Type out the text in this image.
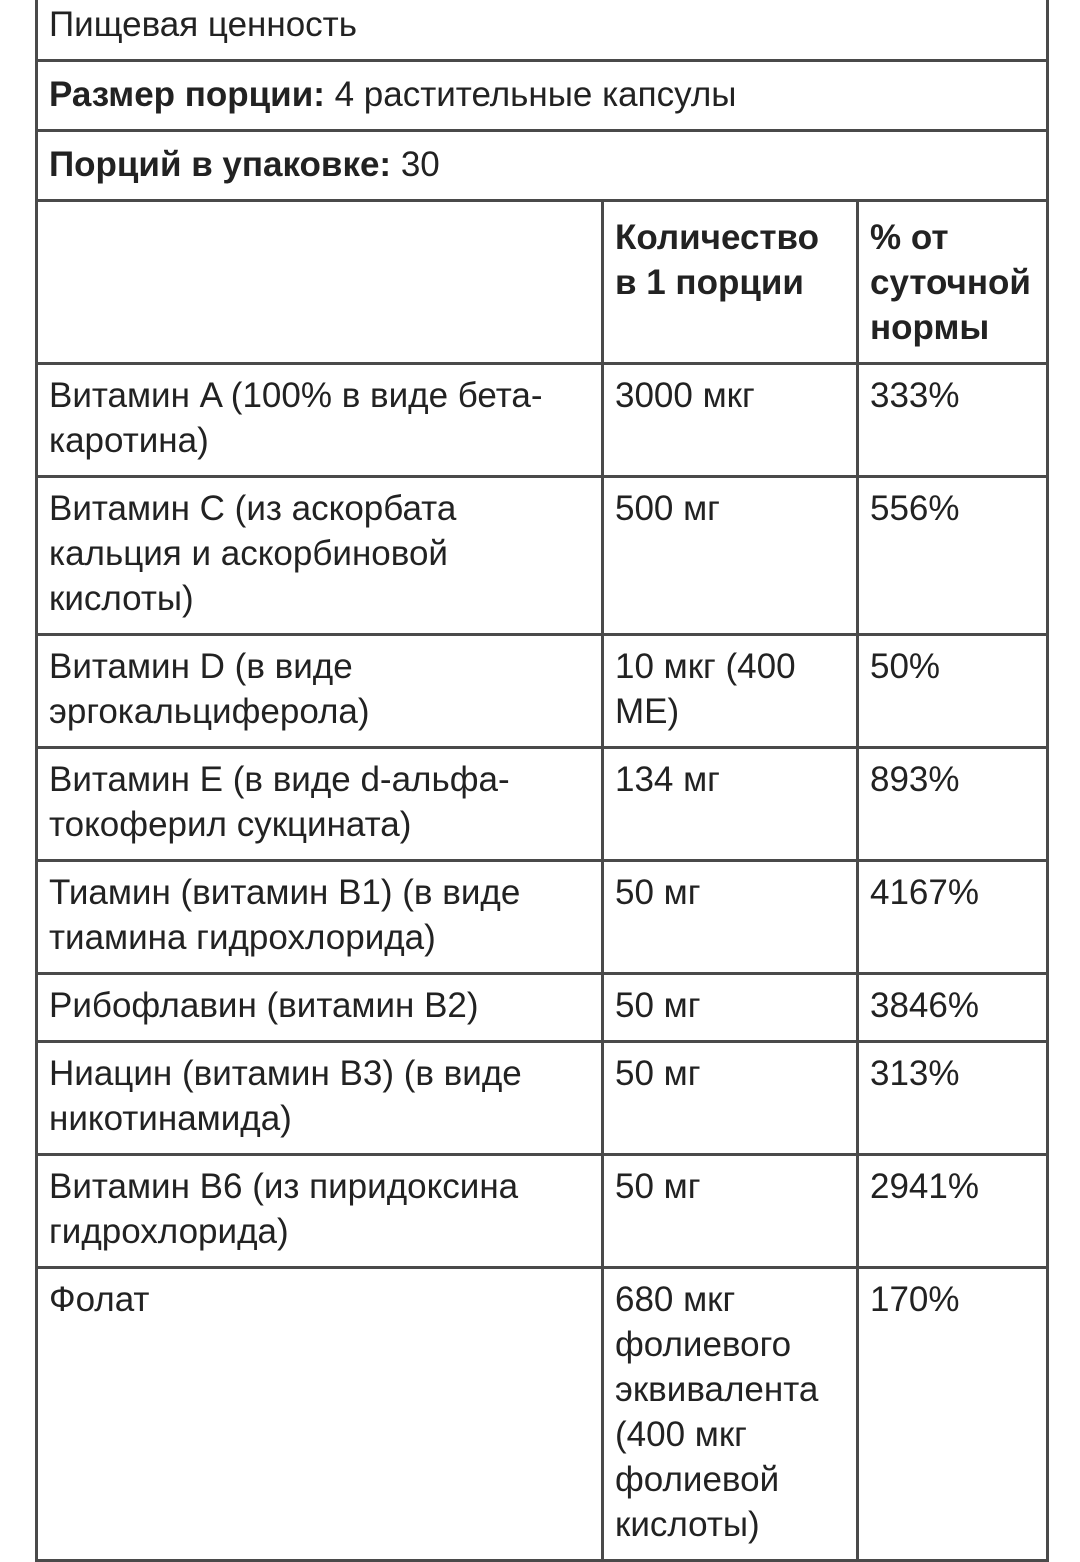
Пищевая ценность		
Размер порции: 4 растительные капсулы		
Порций в упаковке: 30		
	Количество в 1 порции	% от суточной нормы
Витамин A (100% в виде бета-каротина)	3000 мкг	333%
Витамин C (из аскорбата кальция и аскорбиновой кислоты)	500 мг	556%
Витамин D (в виде эргокальциферола)	10 мкг (400 МЕ)	50%
Витамин E (в виде d-альфа-токоферил сукцината)	134 мг	893%
Тиамин (витамин B1) (в виде тиамина гидрохлорида)	50 мг	4167%
Рибофлавин (витамин B2)	50 мг	3846%
Ниацин (витамин B3) (в виде никотинамида)	50 мг	313%
Витамин B6 (из пиридоксина гидрохлорида)	50 мг	2941%
Фолат	680 мкг фолиевого эквивалента (400 мкг фолиевой кислоты)	170%
